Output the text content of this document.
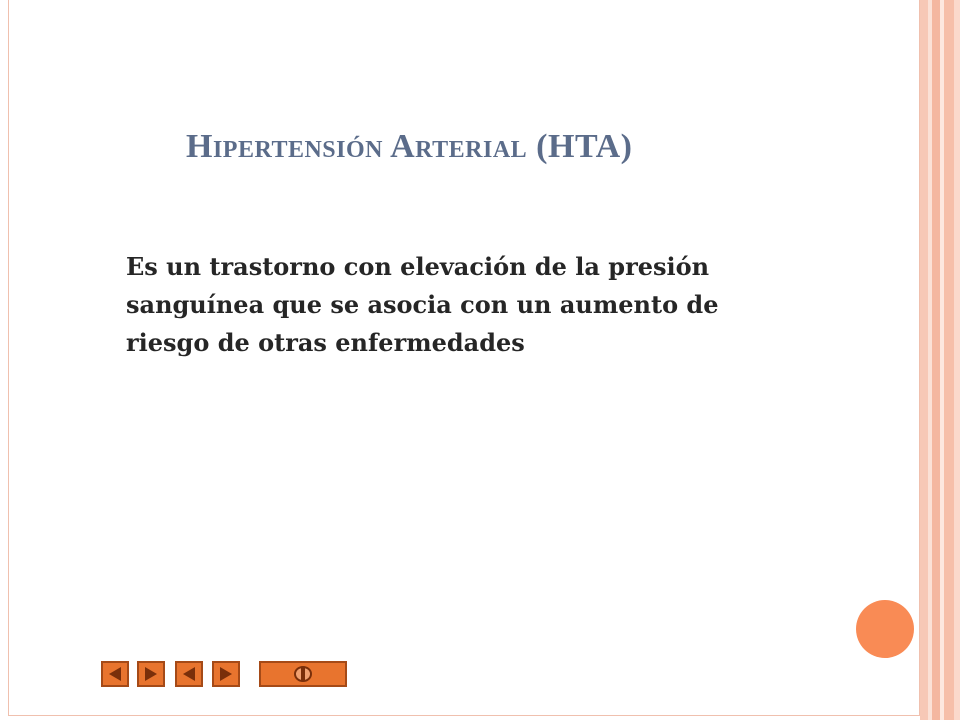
Hipertensión Arterial (HTA)

Es un trastorno con elevación de la presión
sanguínea que se asocia con un aumento de
riesgo de otras enfermedades
